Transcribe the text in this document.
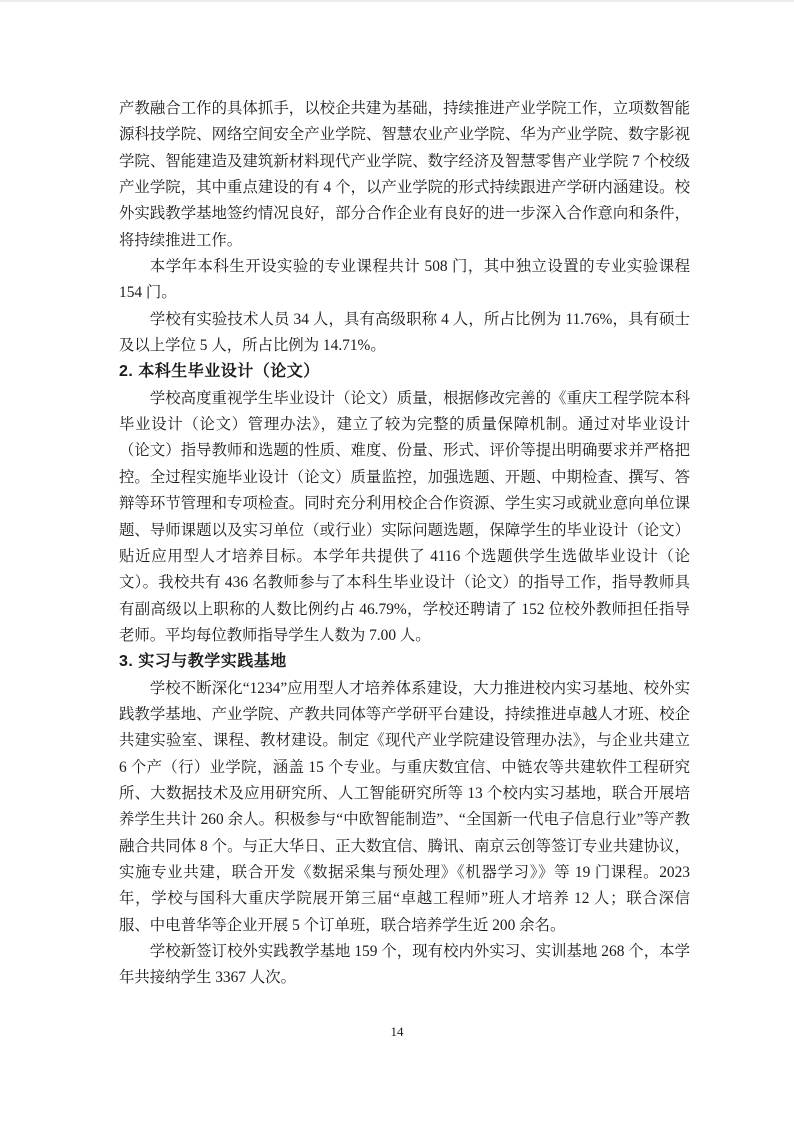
产教融合工作的具体抓手，以校企共建为基础，持续推进产业学院工作，立项数智能源科技学院、网络空间安全产业学院、智慧农业产业学院、华为产业学院、数字影视学院、智能建造及建筑新材料现代产业学院、数字经济及智慧零售产业学院 7 个校级产业学院，其中重点建设的有 4 个，以产业学院的形式持续跟进产学研内涵建设。校外实践教学基地签约情况良好，部分合作企业有良好的进一步深入合作意向和条件，将持续推进工作。

本学年本科生开设实验的专业课程共计 508 门，其中独立设置的专业实验课程 154 门。

学校有实验技术人员 34 人，具有高级职称 4 人，所占比例为 11.76%，具有硕士及以上学位 5 人，所占比例为 14.71%。

2. 本科生毕业设计（论文）

学校高度重视学生毕业设计（论文）质量，根据修改完善的《重庆工程学院本科毕业设计（论文）管理办法》，建立了较为完整的质量保障机制。通过对毕业设计（论文）指导教师和选题的性质、难度、份量、形式、评价等提出明确要求并严格把控。全过程实施毕业设计（论文）质量监控，加强选题、开题、中期检查、撰写、答辩等环节管理和专项检查。同时充分利用校企合作资源、学生实习或就业意向单位课题、导师课题以及实习单位（或行业）实际问题选题，保障学生的毕业设计（论文）贴近应用型人才培养目标。本学年共提供了 4116 个选题供学生选做毕业设计（论文）。我校共有 436 名教师参与了本科生毕业设计（论文）的指导工作，指导教师具有副高级以上职称的人数比例约占 46.79%，学校还聘请了 152 位校外教师担任指导老师。平均每位教师指导学生人数为 7.00 人。

3. 实习与教学实践基地

学校不断深化“1234”应用型人才培养体系建设，大力推进校内实习基地、校外实践教学基地、产业学院、产教共同体等产学研平台建设，持续推进卓越人才班、校企共建实验室、课程、教材建设。制定《现代产业学院建设管理办法》，与企业共建立 6 个产（行）业学院，涵盖 15 个专业。与重庆数宜信、中链农等共建软件工程研究所、大数据技术及应用研究所、人工智能研究所等 13 个校内实习基地，联合开展培养学生共计 260 余人。积极参与“中欧智能制造”、“全国新一代电子信息行业”等产教融合共同体 8 个。与正大华日、正大数宜信、腾讯、南京云创等签订专业共建协议，实施专业共建，联合开发《数据采集与预处理》《机器学习》》等 19 门课程。2023 年，学校与国科大重庆学院展开第三届“卓越工程师”班人才培养 12 人；联合深信服、中电普华等企业开展 5 个订单班，联合培养学生近 200 余名。

学校新签订校外实践教学基地 159 个，现有校内外实习、实训基地 268 个，本学年共接纳学生 3367 人次。

14
